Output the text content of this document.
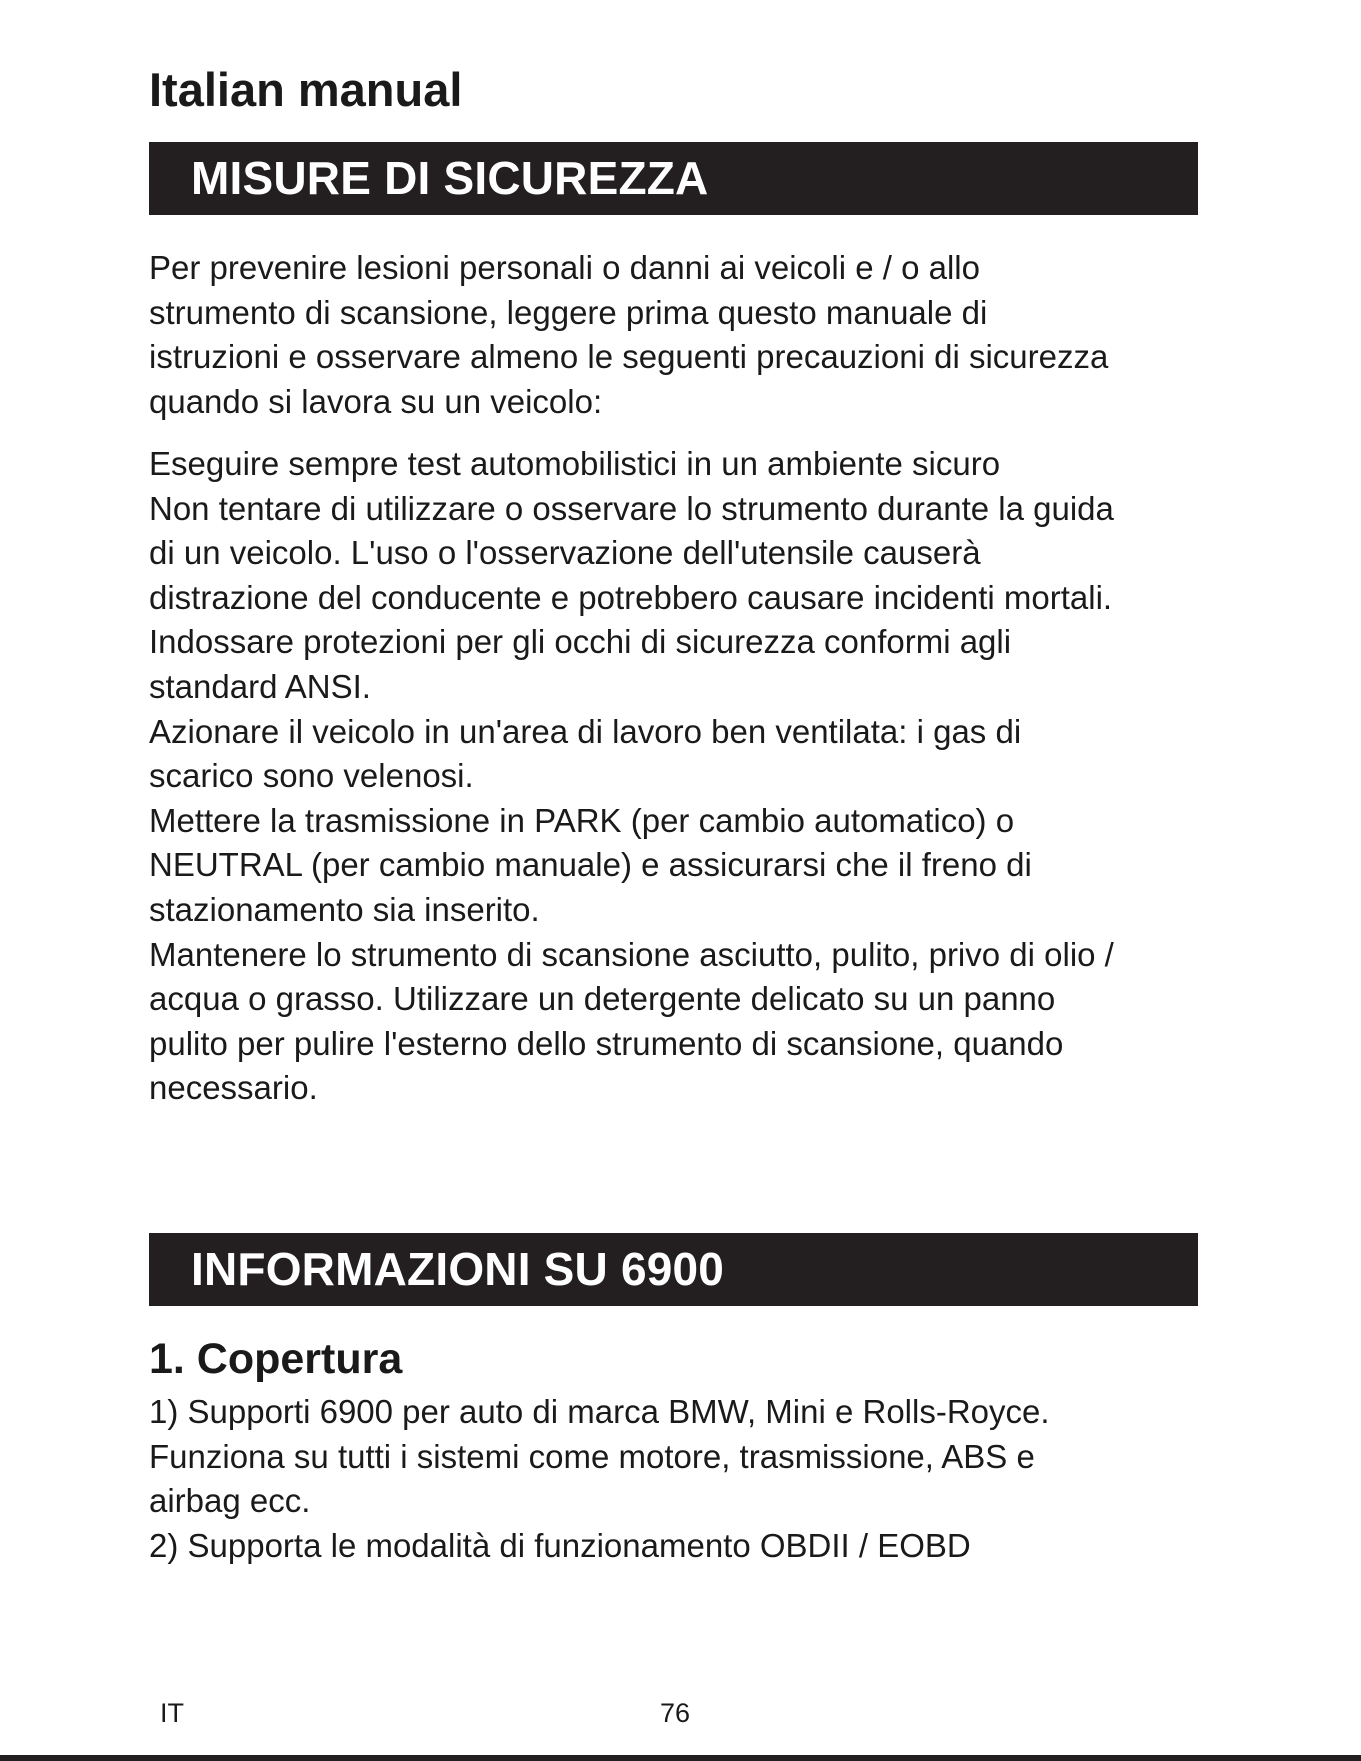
Italian manual
MISURE DI SICUREZZA
Per prevenire lesioni personali o danni ai veicoli e / o allo
strumento di scansione, leggere prima questo manuale di
istruzioni e osservare almeno le seguenti precauzioni di sicurezza
quando si lavora su un veicolo:
Eseguire sempre test automobilistici in un ambiente sicuro
Non tentare di utilizzare o osservare lo strumento durante la guida
di un veicolo. L'uso o l'osservazione dell'utensile causerà
distrazione del conducente e potrebbero causare incidenti mortali.
Indossare protezioni per gli occhi di sicurezza conformi agli
standard ANSI.
Azionare il veicolo in un'area di lavoro ben ventilata: i gas di
scarico sono velenosi.
Mettere la trasmissione in PARK (per cambio automatico) o
NEUTRAL (per cambio manuale) e assicurarsi che il freno di
stazionamento sia inserito.
Mantenere lo strumento di scansione asciutto, pulito, privo di olio /
acqua o grasso. Utilizzare un detergente delicato su un panno
pulito per pulire l'esterno dello strumento di scansione, quando
necessario.
INFORMAZIONI SU 6900
1. Copertura
1) Supporti 6900 per auto di marca BMW, Mini e Rolls-Royce.
Funziona su tutti i sistemi come motore, trasmissione, ABS e
airbag ecc.
2) Supporta le modalità di funzionamento OBDII / EOBD
IT	76
